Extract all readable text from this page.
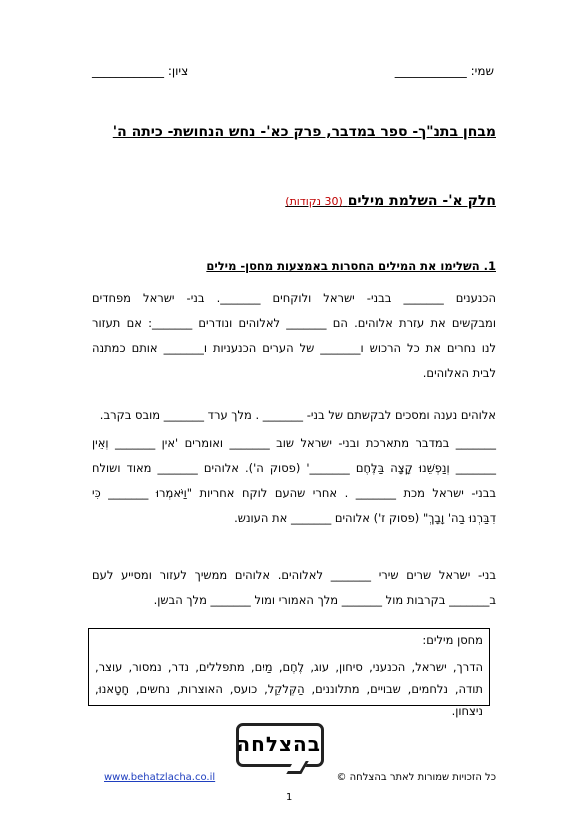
שמי: ____________
ציון: ____________
מבחן בתנ"ך- ספר במדבר, פרק כא'- נחש הנחושת- כיתה ה'
חלק א'- השלמת מילים (30 נקודות)
1. השלימו את המילים החסרות באמצעות מחסן- מילים
הכנענים _______ בבני- ישראל ולוקחים _______. בני- ישראל מפחדים
ומבקשים את עזרת אלוהים. הם _______ לאלוהים ונודרים _______: אם תעזור
לנו נחרים את כל הרכוש ו_______ של הערים הכנעניות ו_______ אותם כמתנה
לבית האלוהים.
אלוהים נענה ומסכים לבקשתם של בני- _______ . מלך ערד _______ מובס בקרב.
_______ במדבר מתארכת ובני- ישראל שוב _______ ואומרים 'אין _______ וְאֵין
_______ וְנַפְשֵׁנוּ קָצָה בַּלֶּחֶם _______' (פסוק ה'). אלוהים _______ מאוד ושולח
בבני- ישראל מכת _______ . אחרי שהעם לוקח אחריות "וַיֹּאמְרוּ _______ כִּי
דִבַּרְנוּ בַה' וָבָךְ" (פסוק ז') אלוהים _______ את העונש.
בני- ישראל שרים שירי _______ לאלוהים. אלוהים ממשיך לעזור ומסייע לעם
ב_______ בקרבות מול _______ מלך האמורי ומול _______ מלך הבשן.
מחסן מילים:
הדרך, ישראל, הכנעני, סיחון, עוג, לֶחֶם, מַיִם, מתפללים, נדר, נמסור, עוצר, תודה, נלחמים, שבויים, מתלוננים, הַקְּלֹקֵל, כועס, האוצרות, נחשים, חָטָאנוּ, ניצחון.
בהצלחה
www.behatzlacha.co.il	כל הזכויות שמורות לאתר בהצלחה ©
1
